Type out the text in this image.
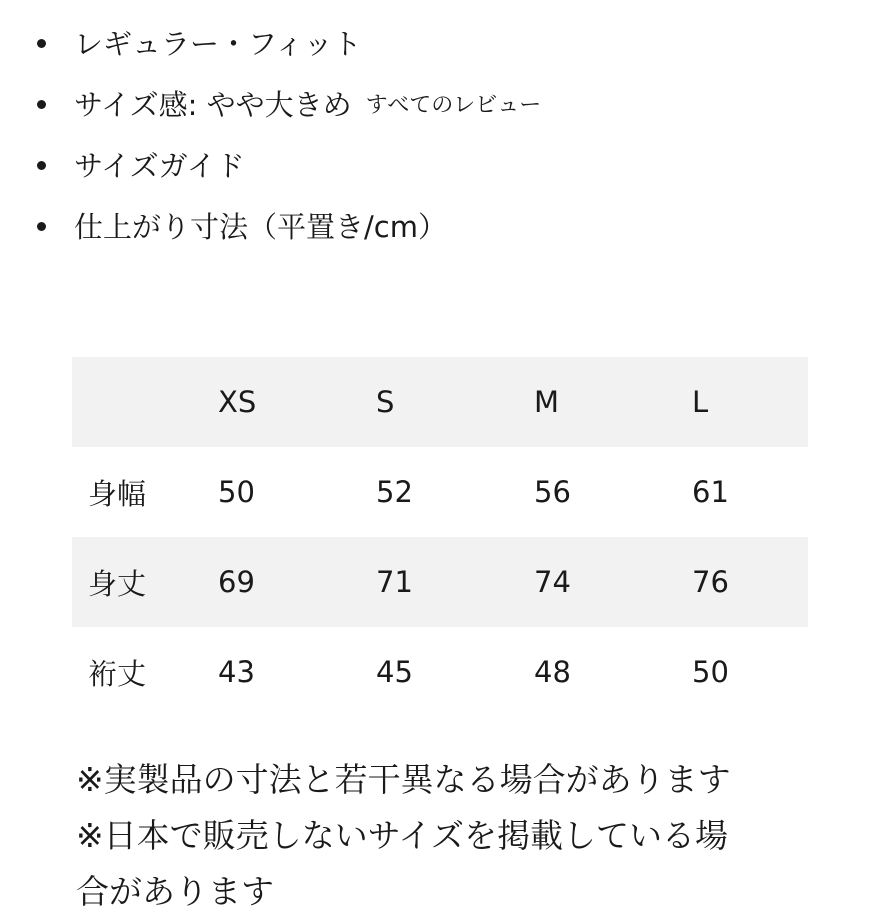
レギュラー・フィット
サイズ感: やや大きめ すべてのレビュー
サイズガイド
仕上がり寸法（平置き/cm）
	XS	S	M	L
身幅	50	52	56	61
身丈	69	71	74	76
裄丈	43	45	48	50
※実製品の寸法と若干異なる場合があります
※日本で販売しないサイズを掲載している場
合があります
